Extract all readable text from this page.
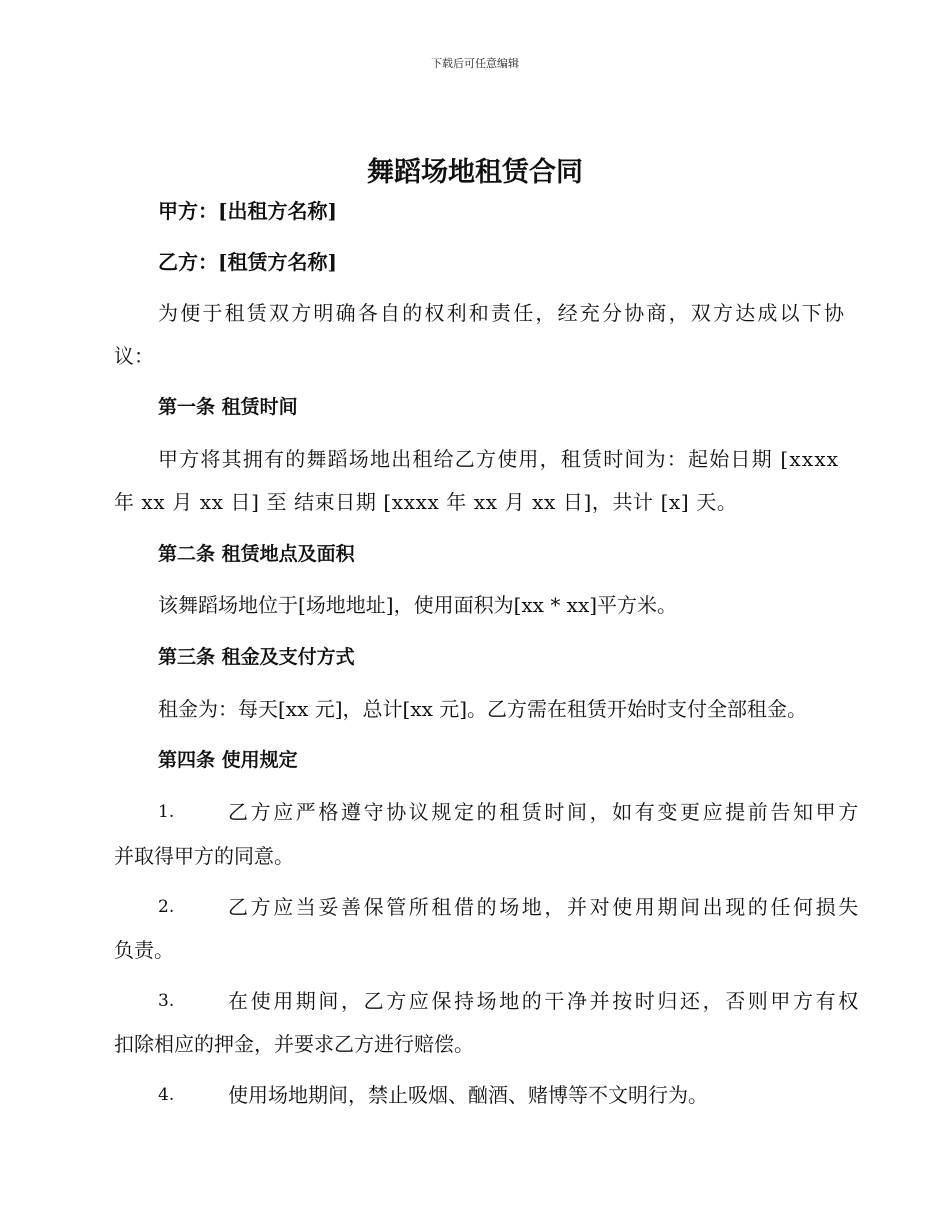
下载后可任意编辑
舞蹈场地租赁合同
甲方：[出租方名称]
乙方：[租赁方名称]
为便于租赁双方明确各自的权利和责任，经充分协商，双方达成以下协
议：
第一条 租赁时间
甲方将其拥有的舞蹈场地出租给乙方使用，租赁时间为：起始日期 [xxxx
年 xx 月 xx 日] 至 结束日期 [xxxx 年 xx 月 xx 日]，共计 [x] 天。
第二条 租赁地点及面积
该舞蹈场地位于[场地地址]，使用面积为[xx * xx]平方米。
第三条 租金及支付方式
租金为：每天[xx 元]，总计[xx 元]。乙方需在租赁开始时支付全部租金。
第四条 使用规定
1.	乙方应严格遵守协议规定的租赁时间，如有变更应提前告知甲方
并取得甲方的同意。
2.	乙方应当妥善保管所租借的场地，并对使用期间出现的任何损失
负责。
3.	在使用期间，乙方应保持场地的干净并按时归还，否则甲方有权
扣除相应的押金，并要求乙方进行赔偿。
4.	使用场地期间，禁止吸烟、酗酒、赌博等不文明行为。
